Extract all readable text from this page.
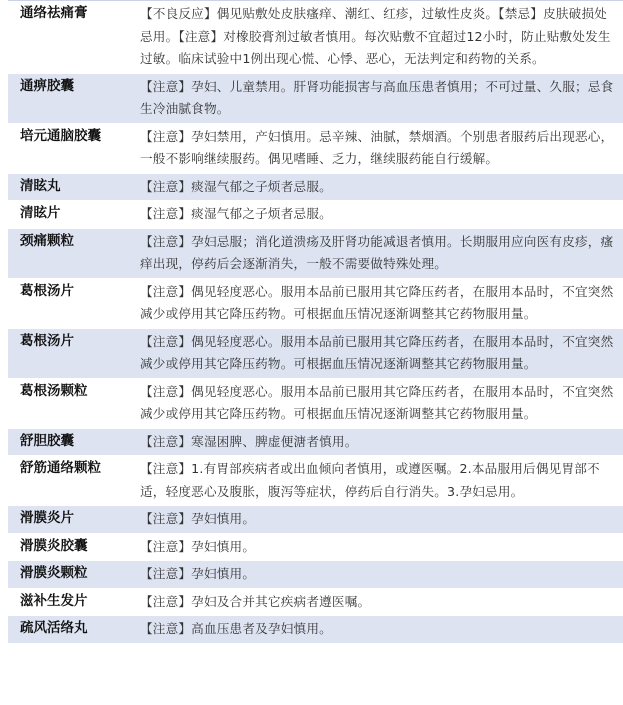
通络祛痛膏	【不良反应】偶见贴敷处皮肤瘙痒、潮红、红疹，过敏性皮炎。【禁忌】皮肤破损处忌用。【注意】对橡胶膏剂过敏者慎用。每次贴敷不宜超过12小时，防止贴敷处发生过敏。临床试验中1例出现心慌、心悸、恶心，无法判定和药物的关系。
通痹胶囊	【注意】孕妇、儿童禁用。肝肾功能损害与高血压患者慎用；不可过量、久服；忌食生冷油腻食物。
培元通脑胶囊	【注意】孕妇禁用，产妇慎用。忌辛辣、油腻，禁烟酒。个别患者服药后出现恶心，一般不影响继续服药。偶见嗜睡、乏力，继续服药能自行缓解。
清眩丸	【注意】痰湿气郁之子烦者忌服。
清眩片	【注意】痰湿气郁之子烦者忌服。
颈痛颗粒	【注意】孕妇忌服；消化道溃疡及肝肾功能减退者慎用。长期服用应向医有皮疹，瘙痒出现，停药后会逐渐消失，一般不需要做特殊处理。
葛根汤片	【注意】偶见轻度恶心。服用本品前已服用其它降压药者，在服用本品时，不宜突然减少或停用其它降压药物。可根据血压情况逐渐调整其它药物服用量。
葛根汤片	【注意】偶见轻度恶心。服用本品前已服用其它降压药者，在服用本品时，不宜突然减少或停用其它降压药物。可根据血压情况逐渐调整其它药物服用量。
葛根汤颗粒	【注意】偶见轻度恶心。服用本品前已服用其它降压药者，在服用本品时，不宜突然减少或停用其它降压药物。可根据血压情况逐渐调整其它药物服用量。
舒胆胶囊	【注意】寒湿困脾、脾虚便溏者慎用。
舒筋通络颗粒	【注意】1.有胃部疾病者或出血倾向者慎用，或遵医嘱。2.本品服用后偶见胃部不适，轻度恶心及腹胀，腹泻等症状，停药后自行消失。3.孕妇忌用。
滑膜炎片	【注意】孕妇慎用。
滑膜炎胶囊	【注意】孕妇慎用。
滑膜炎颗粒	【注意】孕妇慎用。
滋补生发片	【注意】孕妇及合并其它疾病者遵医嘱。
疏风活络丸	【注意】高血压患者及孕妇慎用。
